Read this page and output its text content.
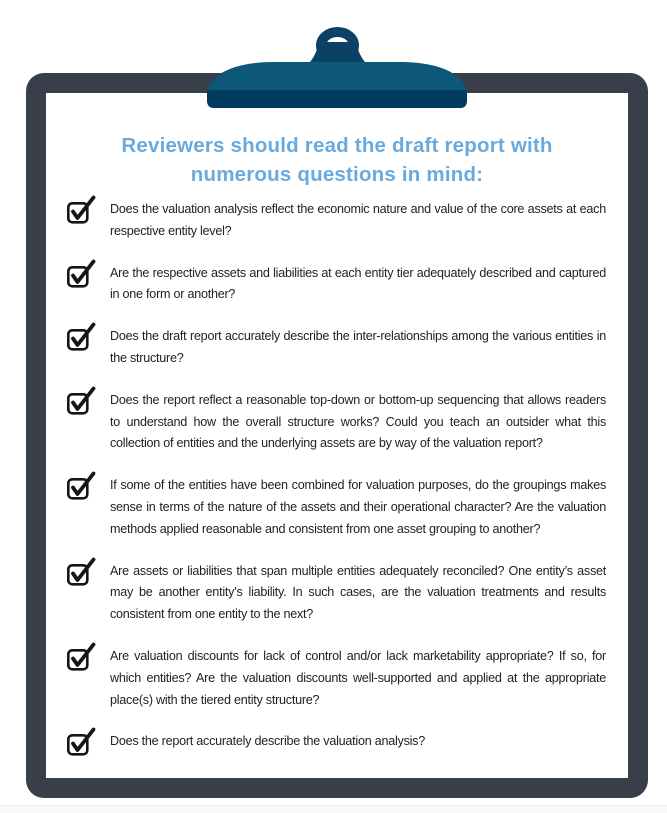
Reviewers should read the draft report with numerous questions in mind:

Does the valuation analysis reflect the economic nature and value of the core assets at each respective entity level?

Are the respective assets and liabilities at each entity tier adequately described and captured in one form or another?

Does the draft report accurately describe the inter-relationships among the various entities in the structure?

Does the report reflect a reasonable top-down or bottom-up sequencing that allows readers to understand how the overall structure works? Could you teach an outsider what this collection of entities and the underlying assets are by way of the valuation report?

If some of the entities have been combined for valuation purposes, do the groupings makes sense in terms of the nature of the assets and their operational character? Are the valuation methods applied reasonable and consistent from one asset grouping to another?

Are assets or liabilities that span multiple entities adequately reconciled? One entity’s asset may be another entity’s liability. In such cases, are the valuation treatments and results consistent from one entity to the next?

Are valuation discounts for lack of control and/or lack marketability appropriate? If so, for which entities? Are the valuation discounts well-supported and applied at the appropriate place(s) with the tiered entity structure?

Does the report accurately describe the valuation analysis?
